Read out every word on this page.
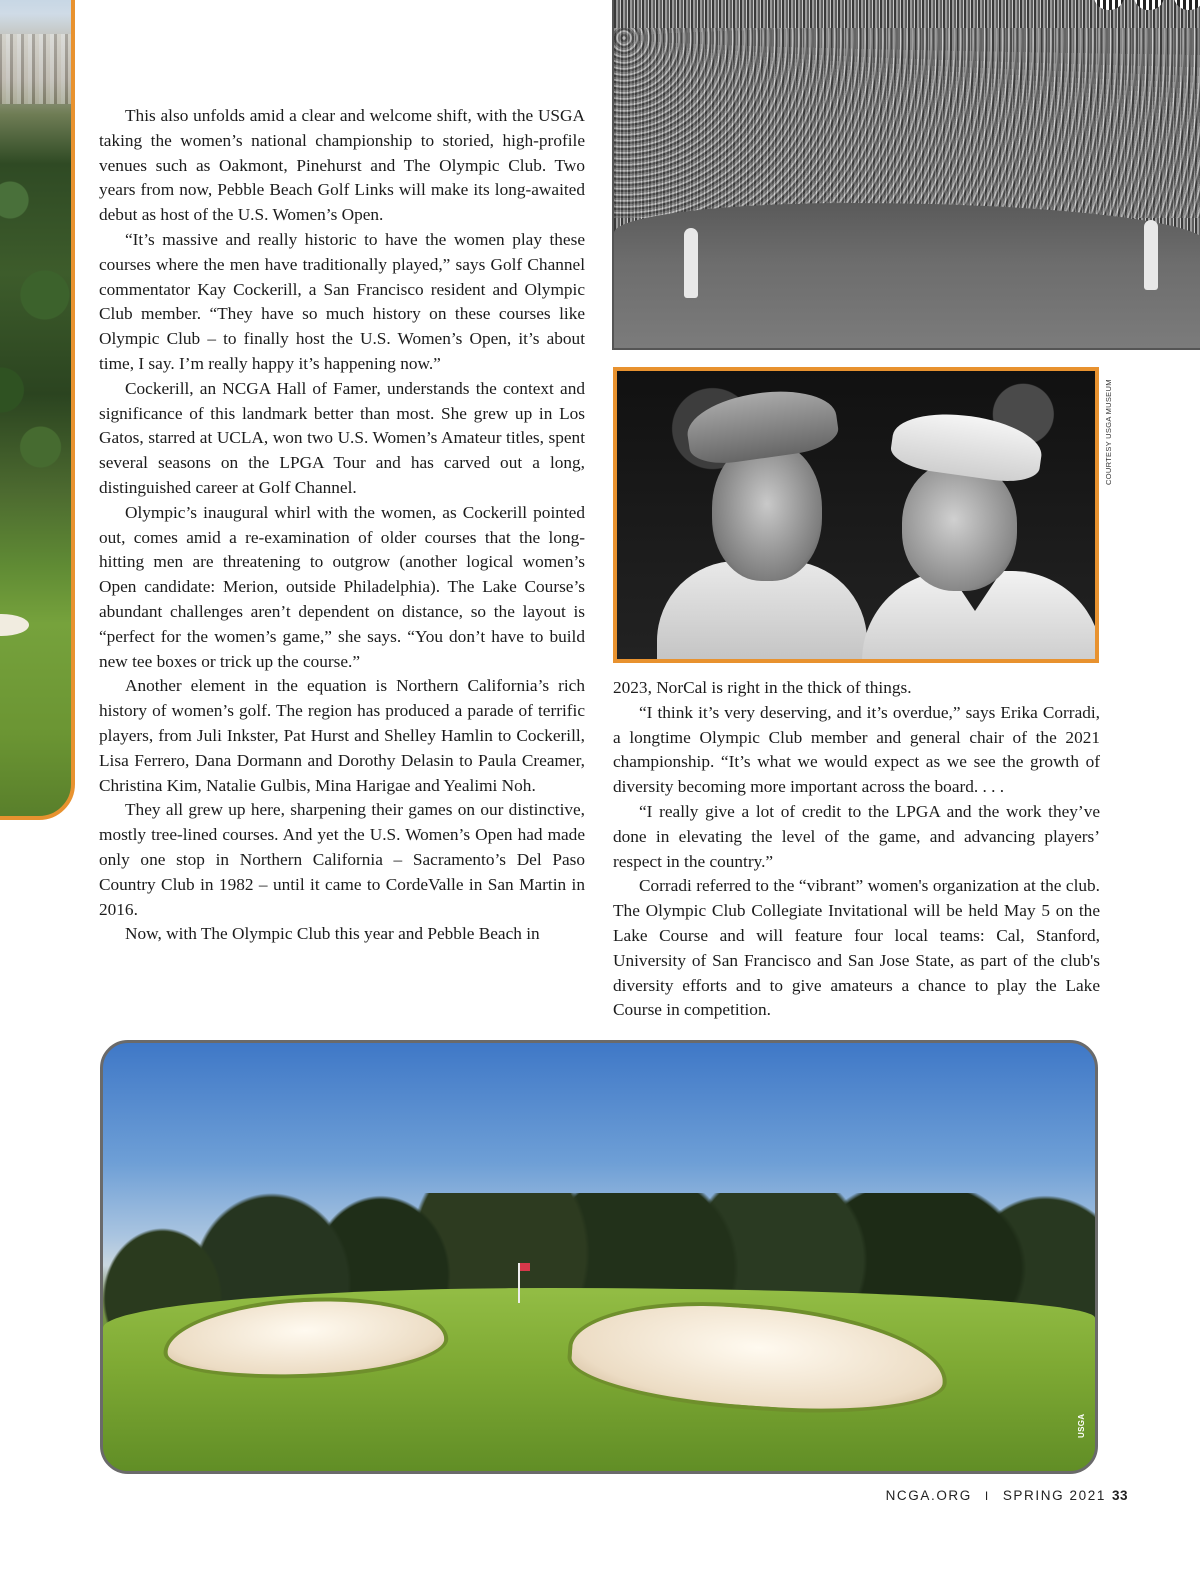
This also unfolds amid a clear and welcome shift, with the USGA taking the women’s national championship to storied, high-profile venues such as Oakmont, Pinehurst and The Olympic Club. Two years from now, Pebble Beach Golf Links will make its long-awaited debut as host of the U.S. Women’s Open.

“It’s massive and really historic to have the women play these courses where the men have traditionally played,” says Golf Channel commentator Kay Cockerill, a San Francisco resident and Olympic Club member. “They have so much history on these courses like Olympic Club – to finally host the U.S. Women’s Open, it’s about time, I say. I’m really happy it’s happening now.”

Cockerill, an NCGA Hall of Famer, understands the context and significance of this landmark better than most. She grew up in Los Gatos, starred at UCLA, won two U.S. Women’s Amateur titles, spent several seasons on the LPGA Tour and has carved out a long, distinguished career at Golf Channel.

Olympic’s inaugural whirl with the women, as Cockerill pointed out, comes amid a re-examination of older courses that the long-hitting men are threatening to outgrow (another logical women’s Open candidate: Merion, outside Philadelphia). The Lake Course’s abundant challenges aren’t dependent on distance, so the layout is “perfect for the women’s game,” she says. “You don’t have to build new tee boxes or trick up the course.”

Another element in the equation is Northern California’s rich history of women’s golf. The region has produced a parade of terrific players, from Juli Inkster, Pat Hurst and Shelley Hamlin to Cockerill, Lisa Ferrero, Dana Dormann and Dorothy Delasin to Paula Creamer, Christina Kim, Natalie Gulbis, Mina Harigae and Yealimi Noh.

They all grew up here, sharpening their games on our distinctive, mostly tree-lined courses. And yet the U.S. Women’s Open had made only one stop in Northern California – Sacramento’s Del Paso Country Club in 1982 – until it came to CordeValle in San Martin in 2016.

Now, with The Olympic Club this year and Pebble Beach in

COURTESY USGA MUSEUM

2023, NorCal is right in the thick of things.

“I think it’s very deserving, and it’s overdue,” says Erika Corradi, a longtime Olympic Club member and general chair of the 2021 championship. “It’s what we would expect as we see the growth of diversity becoming more important across the board. . . .

“I really give a lot of credit to the LPGA and the work they’ve done in elevating the level of the game, and advancing players’ respect in the country.”

Corradi referred to the “vibrant” women's organization at the club. The Olympic Club Collegiate Invitational will be held May 5 on the Lake Course and will feature four local teams: Cal, Stanford, University of San Francisco and San Jose State, as part of the club's diversity efforts and to give amateurs a chance to play the Lake Course in competition.

USGA
NCGA.ORG I SPRING 2021 33
